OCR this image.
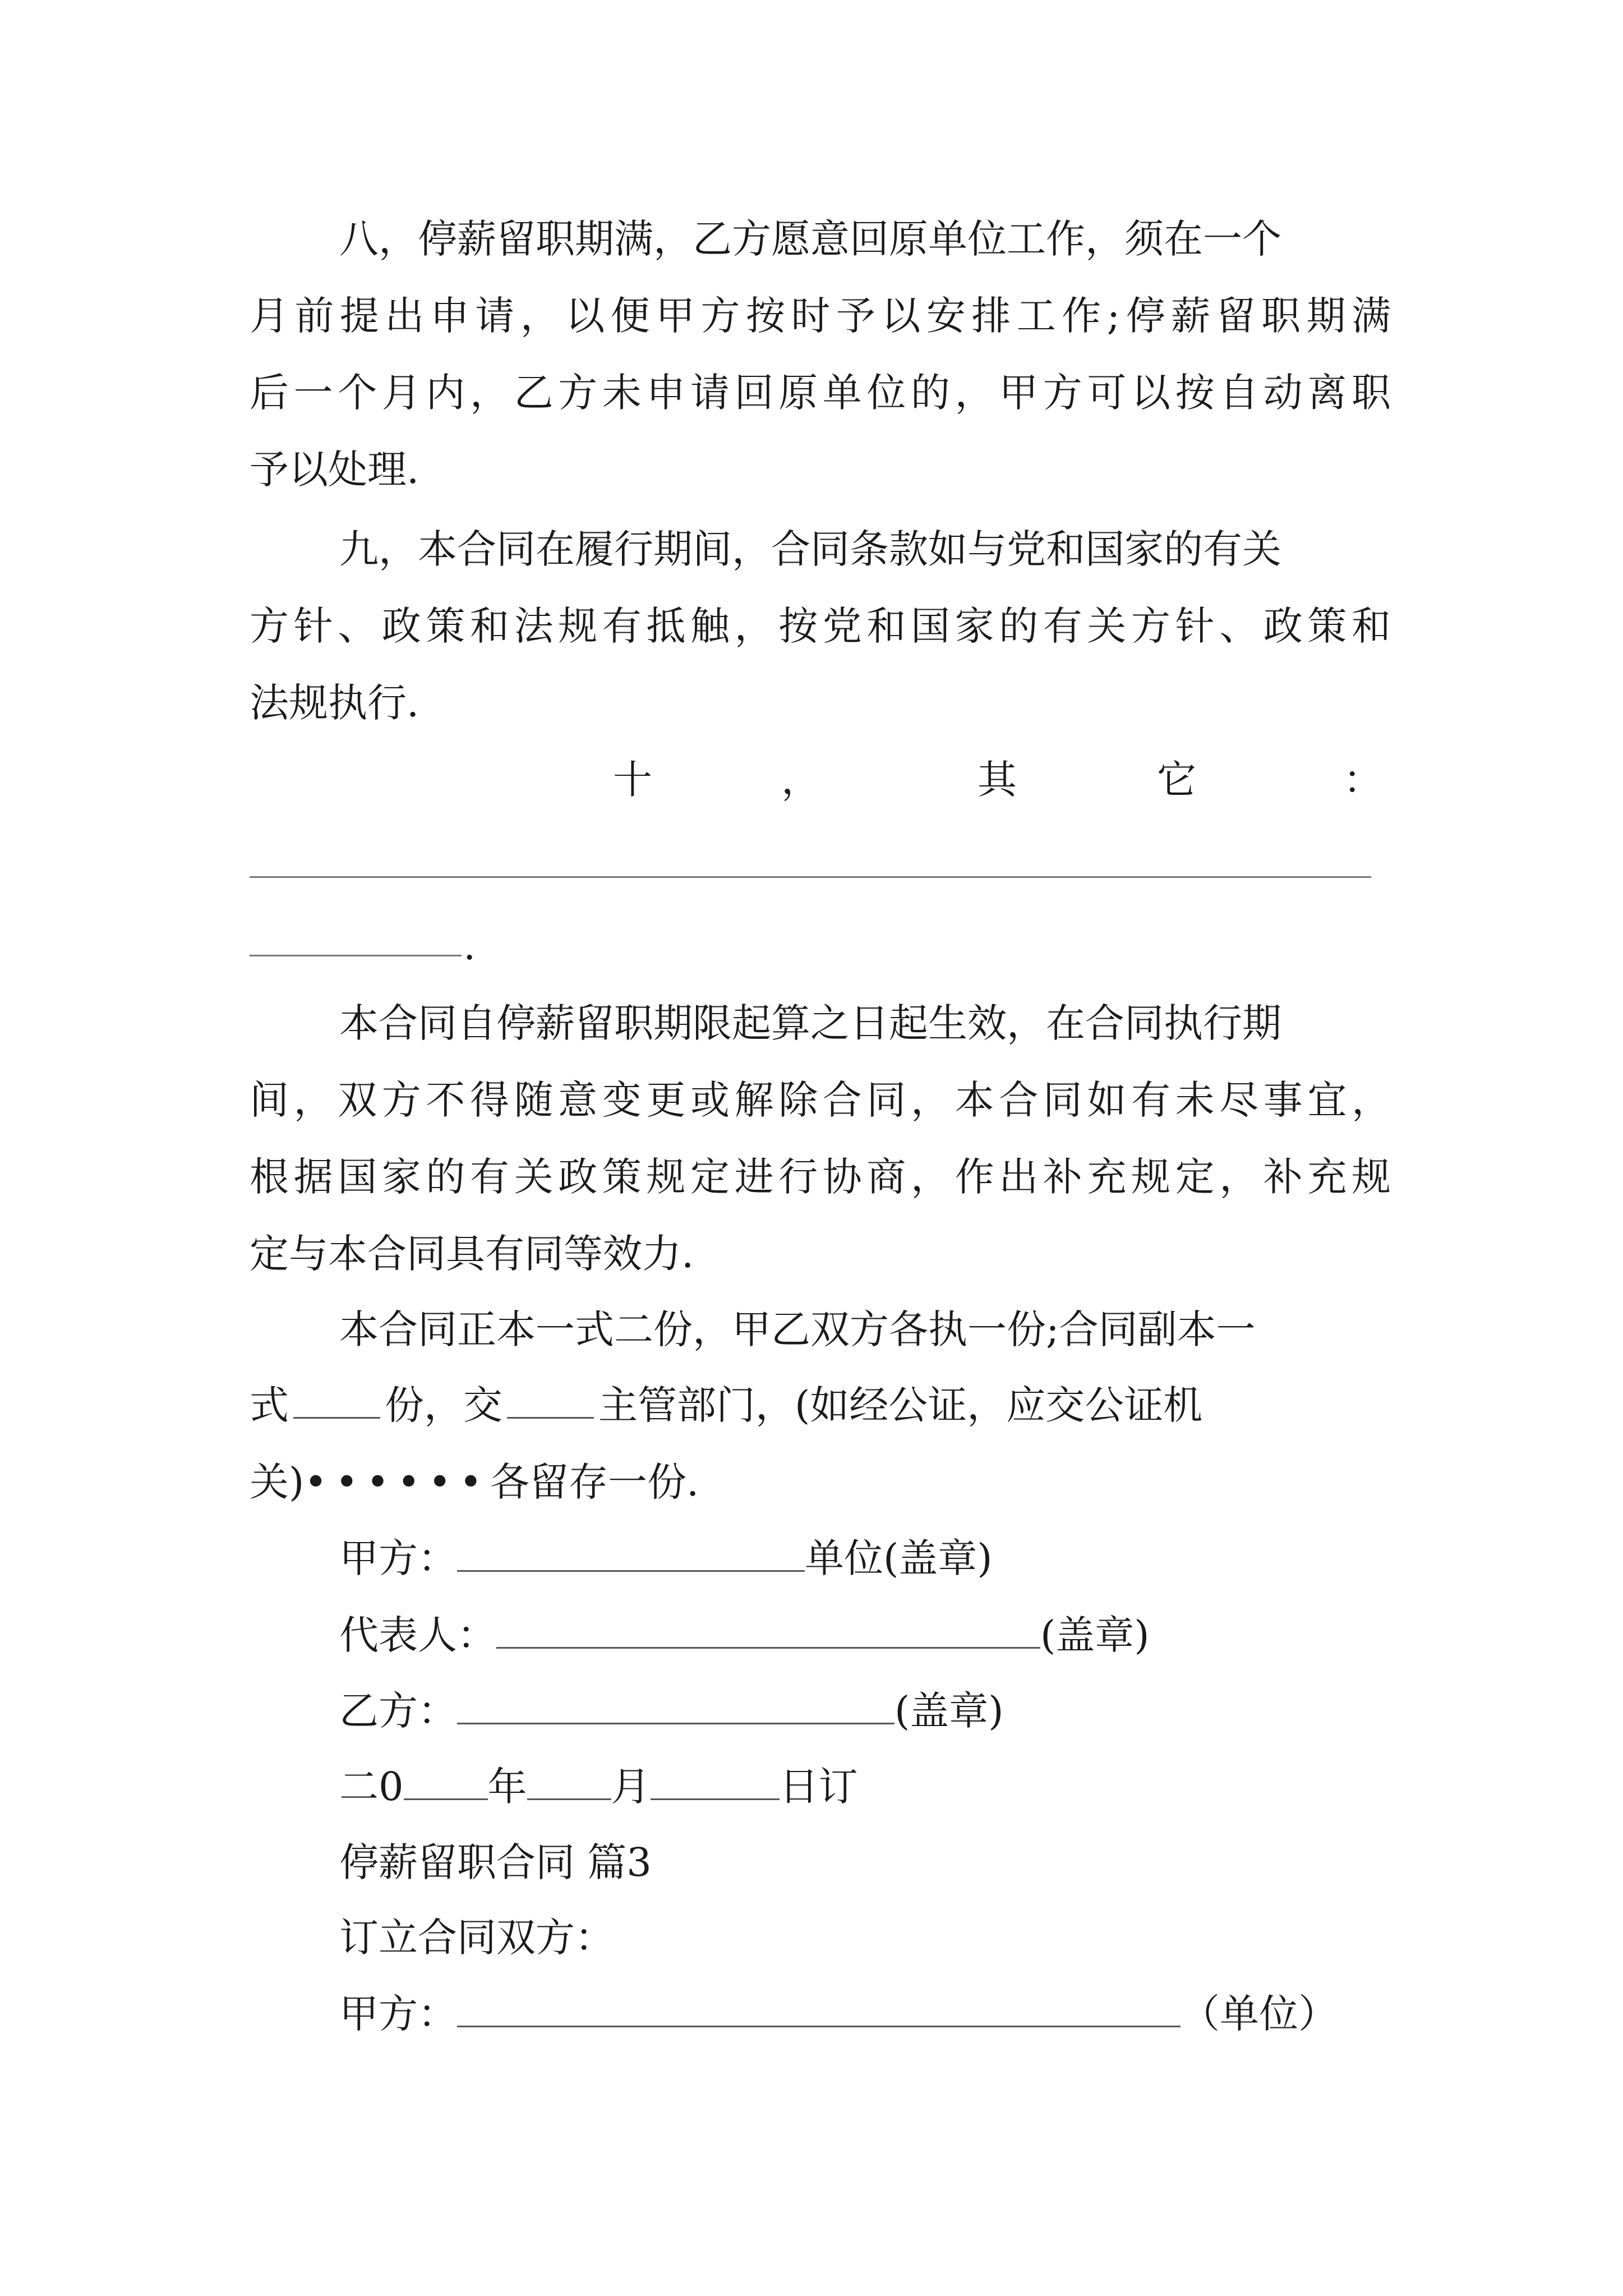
八，停薪留职期满，乙方愿意回原单位工作，须在一个
月前提出申请，以便甲方按时予以安排工作;停薪留职期满
后一个月内，乙方未申请回原单位的，甲方可以按自动离职
予以处理.
九，本合同在履行期间，合同条款如与党和国家的有关
方针、政策和法规有抵触，按党和国家的有关方针、政策和
法规执行.
十	，	其	它	：
.
本合同自停薪留职期限起算之日起生效，在合同执行期
间，双方不得随意变更或解除合同，本合同如有未尽事宜，
根据国家的有关政策规定进行协商，作出补充规定，补充规
定与本合同具有同等效力.
本合同正本一式二份，甲乙双方各执一份;合同副本一
式 份，交 主管部门，(如经公证，应交公证机
关)••••••各留存一份.
甲方：	单位(盖章)
代表人：	(盖章)
乙方：	(盖章)
二0 年 月	日订
停薪留职合同 篇3
订立合同双方：
甲方：	（单位）
